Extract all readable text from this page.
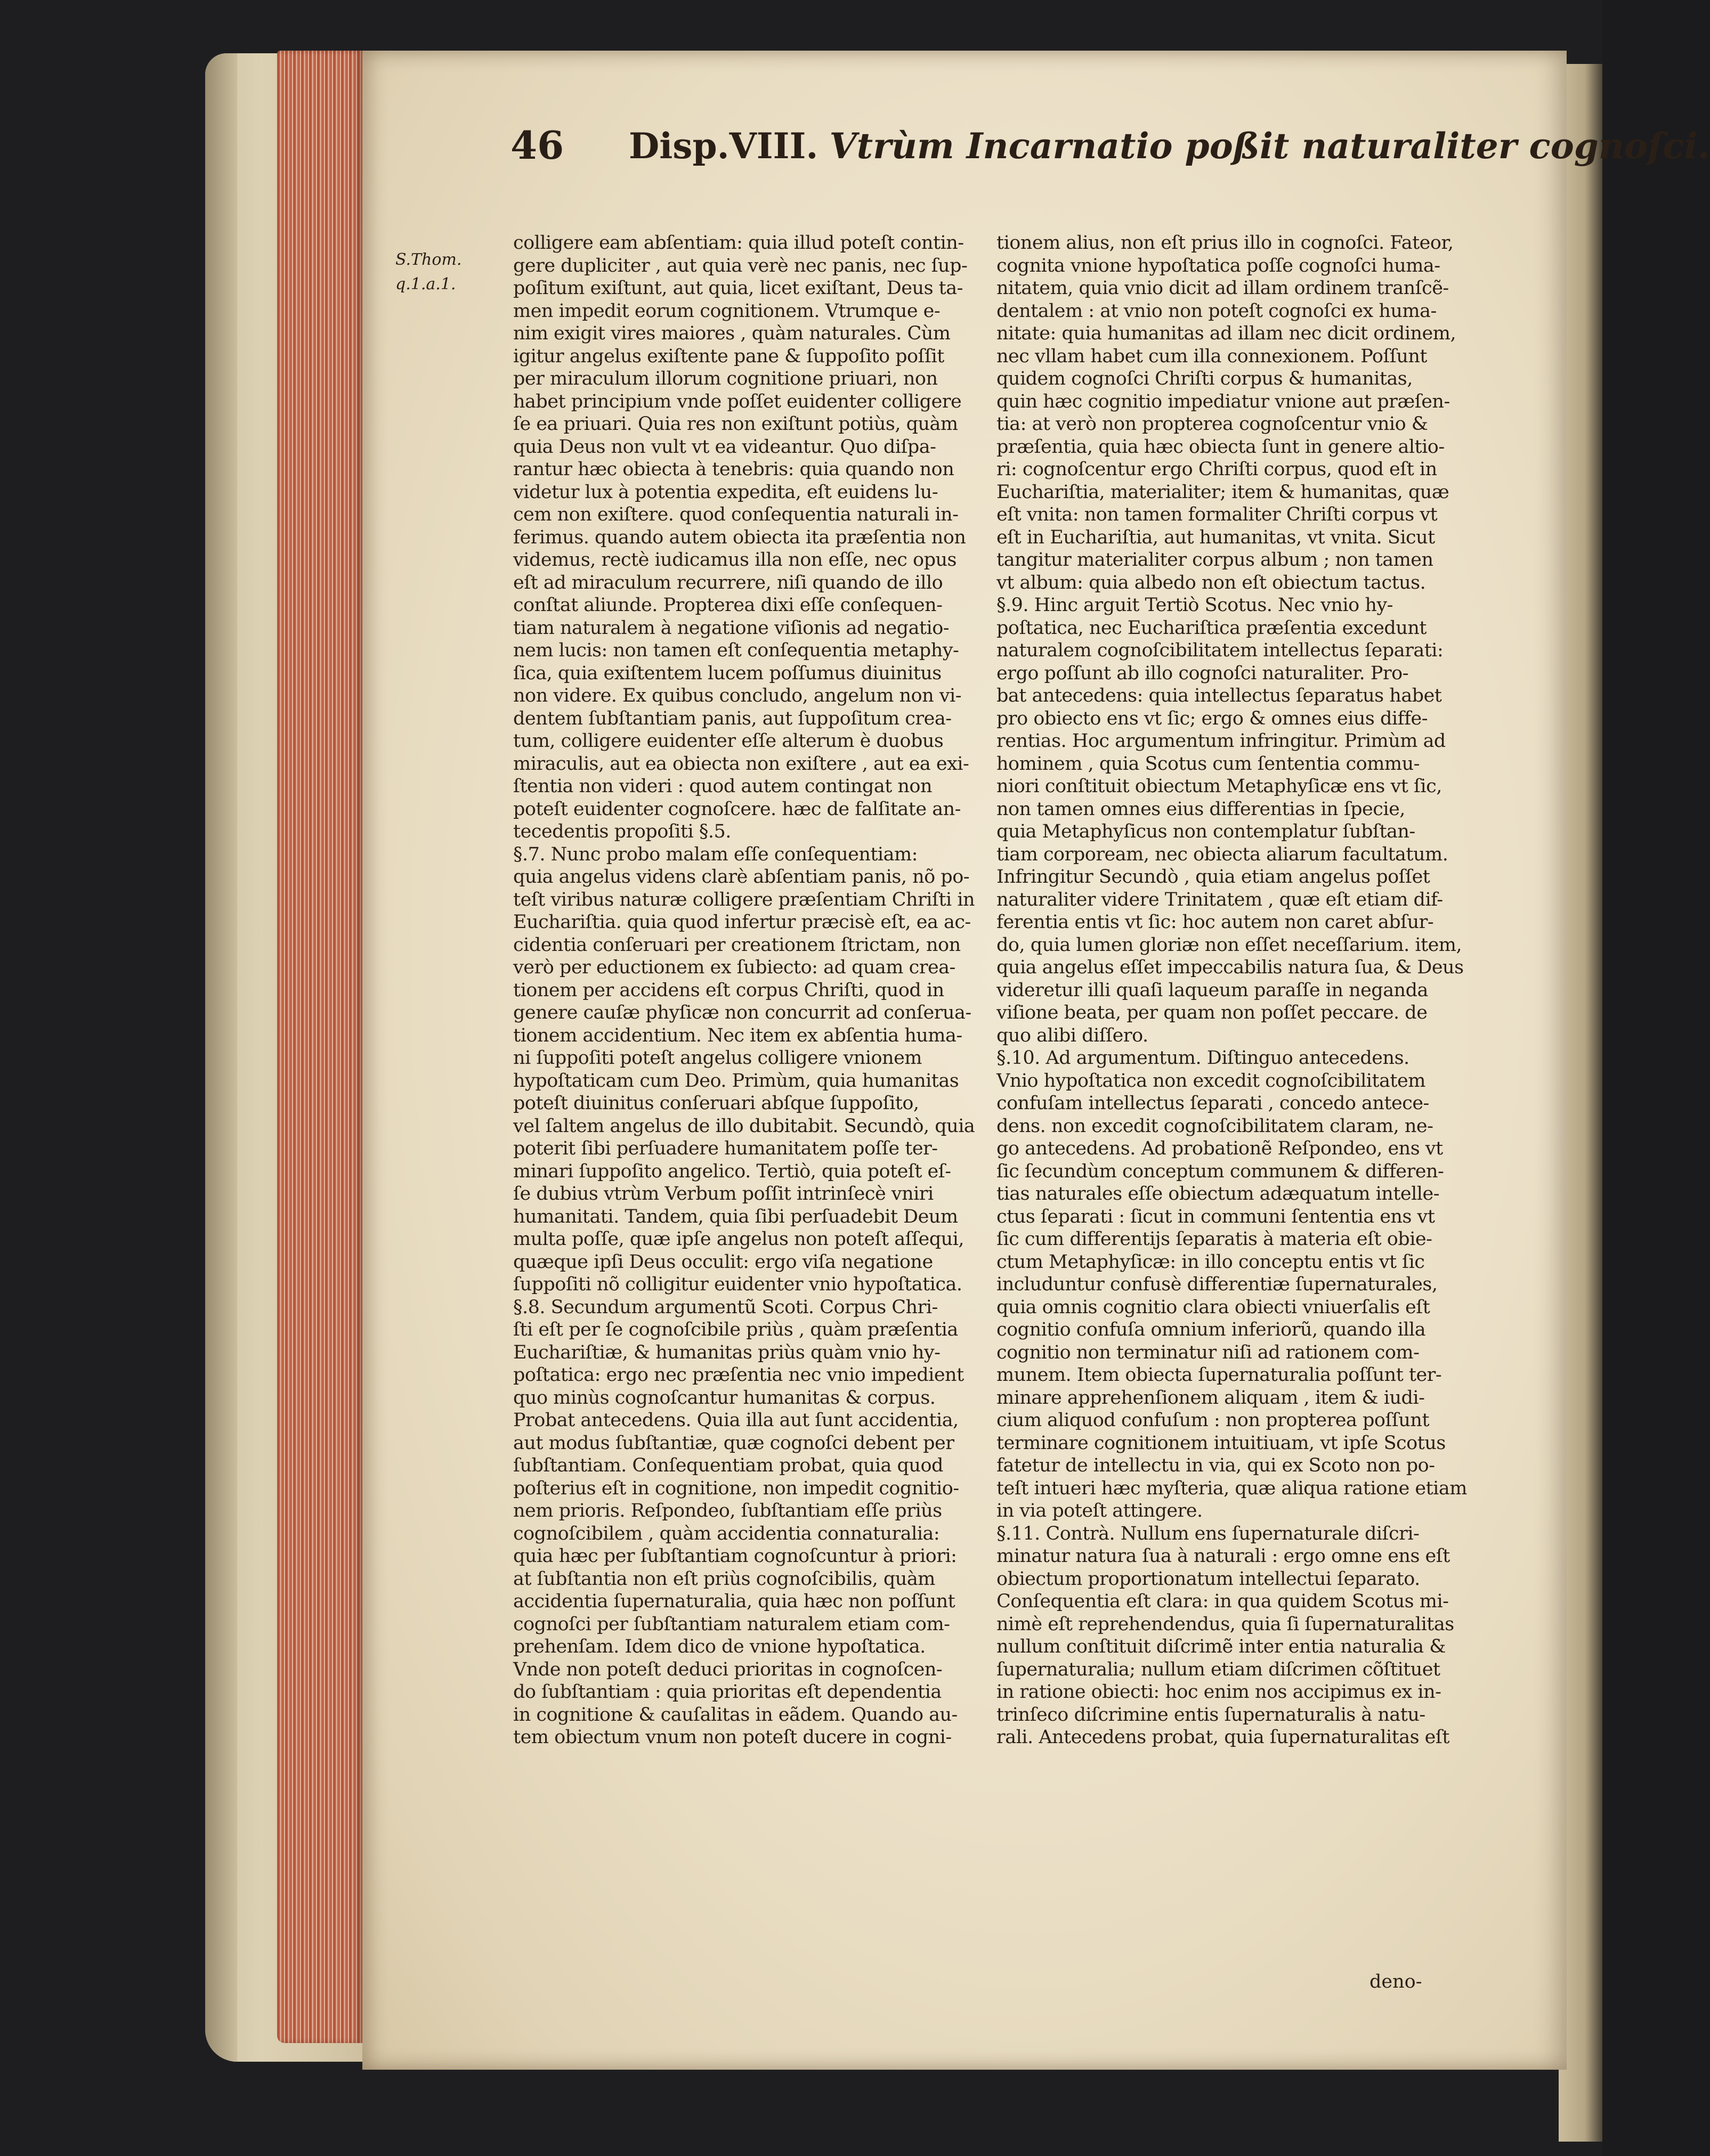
46 Disp.VIII. Vtrùm Incarnatio poßit naturaliter cognoſci.
S.Thom.
q.1.a.1.
colligere eam abſentiam: quia illud poteſt contin-
gere dupliciter , aut quia verè nec panis, nec ſup-
poſitum exiſtunt, aut quia, licet exiſtant, Deus ta-
men impedit eorum cognitionem. Vtrumque e-
nim exigit vires maiores , quàm naturales. Cùm
igitur angelus exiſtente pane & ſuppoſito poſſit
per miraculum illorum cognitione priuari, non
habet principium vnde poſſet euidenter colligere
ſe ea priuari. Quia res non exiſtunt potiùs, quàm
quia Deus non vult vt ea videantur. Quo diſpa-
rantur hæc obiecta à tenebris: quia quando non
videtur lux à potentia expedita, eſt euidens lu-
cem non exiſtere. quod conſequentia naturali in-
ferimus. quando autem obiecta ita præſentia non
videmus, rectè iudicamus illa non eſſe, nec opus
eſt ad miraculum recurrere, niſi quando de illo
conſtat aliunde. Propterea dixi eſſe conſequen-
tiam naturalem à negatione viſionis ad negatio-
nem lucis: non tamen eſt conſequentia metaphy-
ſica, quia exiſtentem lucem poſſumus diuinitus
non videre. Ex quibus concludo, angelum non vi-
dentem ſubſtantiam panis, aut ſuppoſitum crea-
tum, colligere euidenter eſſe alterum è duobus
miraculis, aut ea obiecta non exiſtere , aut ea exi-
ſtentia non videri : quod autem contingat non
poteſt euidenter cognoſcere. hæc de falſitate an-
tecedentis propoſiti §.5.
§.7. Nunc probo malam eſſe conſequentiam:
quia angelus videns clarè abſentiam panis, nõ po-
teſt viribus naturæ colligere præſentiam Chriſti in
Euchariſtia. quia quod infertur præcisè eſt, ea ac-
cidentia conſeruari per creationem ſtrictam, non
verò per eductionem ex ſubiecto: ad quam crea-
tionem per accidens eſt corpus Chriſti, quod in
genere cauſæ phyſicæ non concurrit ad conſerua-
tionem accidentium. Nec item ex abſentia huma-
ni ſuppoſiti poteſt angelus colligere vnionem
hypoſtaticam cum Deo. Primùm, quia humanitas
poteſt diuinitus conſeruari abſque ſuppoſito,
vel ſaltem angelus de illo dubitabit. Secundò, quia
poterit ſibi perſuadere humanitatem poſſe ter-
minari ſuppoſito angelico. Tertiò, quia poteſt eſ-
ſe dubius vtrùm Verbum poſſit intrinſecè vniri
humanitati. Tandem, quia ſibi perſuadebit Deum
multa poſſe, quæ ipſe angelus non poteſt aſſequi,
quæque ipſi Deus occulit: ergo viſa negatione
ſuppoſiti nõ colligitur euidenter vnio hypoſtatica.
§.8. Secundum argumentũ Scoti. Corpus Chri-
ſti eſt per ſe cognoſcibile priùs , quàm præſentia
Euchariſtiæ, & humanitas priùs quàm vnio hy-
poſtatica: ergo nec præſentia nec vnio impedient
quo minùs cognoſcantur humanitas & corpus.
Probat antecedens. Quia illa aut ſunt accidentia,
aut modus ſubſtantiæ, quæ cognoſci debent per
ſubſtantiam. Conſequentiam probat, quia quod
poſterius eſt in cognitione, non impedit cognitio-
nem prioris. Reſpondeo, ſubſtantiam eſſe priùs
cognoſcibilem , quàm accidentia connaturalia:
quia hæc per ſubſtantiam cognoſcuntur à priori:
at ſubſtantia non eſt priùs cognoſcibilis, quàm
accidentia ſupernaturalia, quia hæc non poſſunt
cognoſci per ſubſtantiam naturalem etiam com-
prehenſam. Idem dico de vnione hypoſtatica.
Vnde non poteſt deduci prioritas in cognoſcen-
do ſubſtantiam : quia prioritas eſt dependentia
in cognitione & cauſalitas in eãdem. Quando au-
tem obiectum vnum non poteſt ducere in cogni-
tionem alius, non eſt prius illo in cognoſci. Fateor,
cognita vnione hypoſtatica poſſe cognoſci huma-
nitatem, quia vnio dicit ad illam ordinem tranſcẽ-
dentalem : at vnio non poteſt cognoſci ex huma-
nitate: quia humanitas ad illam nec dicit ordinem,
nec vllam habet cum illa connexionem. Poſſunt
quidem cognoſci Chriſti corpus & humanitas,
quin hæc cognitio impediatur vnione aut præſen-
tia: at verò non propterea cognoſcentur vnio &
præſentia, quia hæc obiecta ſunt in genere altio-
ri: cognoſcentur ergo Chriſti corpus, quod eſt in
Euchariſtia, materialiter; item & humanitas, quæ
eſt vnita: non tamen formaliter Chriſti corpus vt
eſt in Euchariſtia, aut humanitas, vt vnita. Sicut
tangitur materialiter corpus album ; non tamen
vt album: quia albedo non eſt obiectum tactus.
§.9. Hinc arguit Tertiò Scotus. Nec vnio hy-
poſtatica, nec Euchariſtica præſentia excedunt
naturalem cognoſcibilitatem intellectus ſeparati:
ergo poſſunt ab illo cognoſci naturaliter. Pro-
bat antecedens: quia intellectus ſeparatus habet
pro obiecto ens vt ſic; ergo & omnes eius diffe-
rentias. Hoc argumentum infringitur. Primùm ad
hominem , quia Scotus cum ſententia commu-
niori conſtituit obiectum Metaphyſicæ ens vt ſic,
non tamen omnes eius differentias in ſpecie,
quia Metaphyſicus non contemplatur ſubſtan-
tiam corpoream, nec obiecta aliarum facultatum.
Infringitur Secundò , quia etiam angelus poſſet
naturaliter videre Trinitatem , quæ eſt etiam dif-
ferentia entis vt ſic: hoc autem non caret abſur-
do, quia lumen gloriæ non eſſet neceſſarium. item,
quia angelus eſſet impeccabilis natura ſua, & Deus
videretur illi quaſi laqueum paraſſe in neganda
viſione beata, per quam non poſſet peccare. de
quo alibi diſſero.
§.10. Ad argumentum. Diſtinguo antecedens.
Vnio hypoſtatica non excedit cognoſcibilitatem
confuſam intellectus ſeparati , concedo antece-
dens. non excedit cognoſcibilitatem claram, ne-
go antecedens. Ad probationẽ Reſpondeo, ens vt
ſic ſecundùm conceptum communem & differen-
tias naturales eſſe obiectum adæquatum intelle-
ctus ſeparati : ſicut in communi ſententia ens vt
ſic cum differentijs ſeparatis à materia eſt obie-
ctum Metaphyſicæ: in illo conceptu entis vt ſic
includuntur confusè differentiæ ſupernaturales,
quia omnis cognitio clara obiecti vniuerſalis eſt
cognitio confuſa omnium inferiorũ, quando illa
cognitio non terminatur niſi ad rationem com-
munem. Item obiecta ſupernaturalia poſſunt ter-
minare apprehenſionem aliquam , item & iudi-
cium aliquod confuſum : non propterea poſſunt
terminare cognitionem intuitiuam, vt ipſe Scotus
fatetur de intellectu in via, qui ex Scoto non po-
teſt intueri hæc myſteria, quæ aliqua ratione etiam
in via poteſt attingere.
§.11. Contrà. Nullum ens ſupernaturale diſcri-
minatur natura ſua à naturali : ergo omne ens eſt
obiectum proportionatum intellectui ſeparato.
Conſequentia eſt clara: in qua quidem Scotus mi-
nimè eſt reprehendendus, quia ſi ſupernaturalitas
nullum conſtituit diſcrimẽ inter entia naturalia &
ſupernaturalia; nullum etiam diſcrimen cõſtituet
in ratione obiecti: hoc enim nos accipimus ex in-
trinſeco diſcrimine entis ſupernaturalis à natu-
rali. Antecedens probat, quia ſupernaturalitas eſt
deno-
